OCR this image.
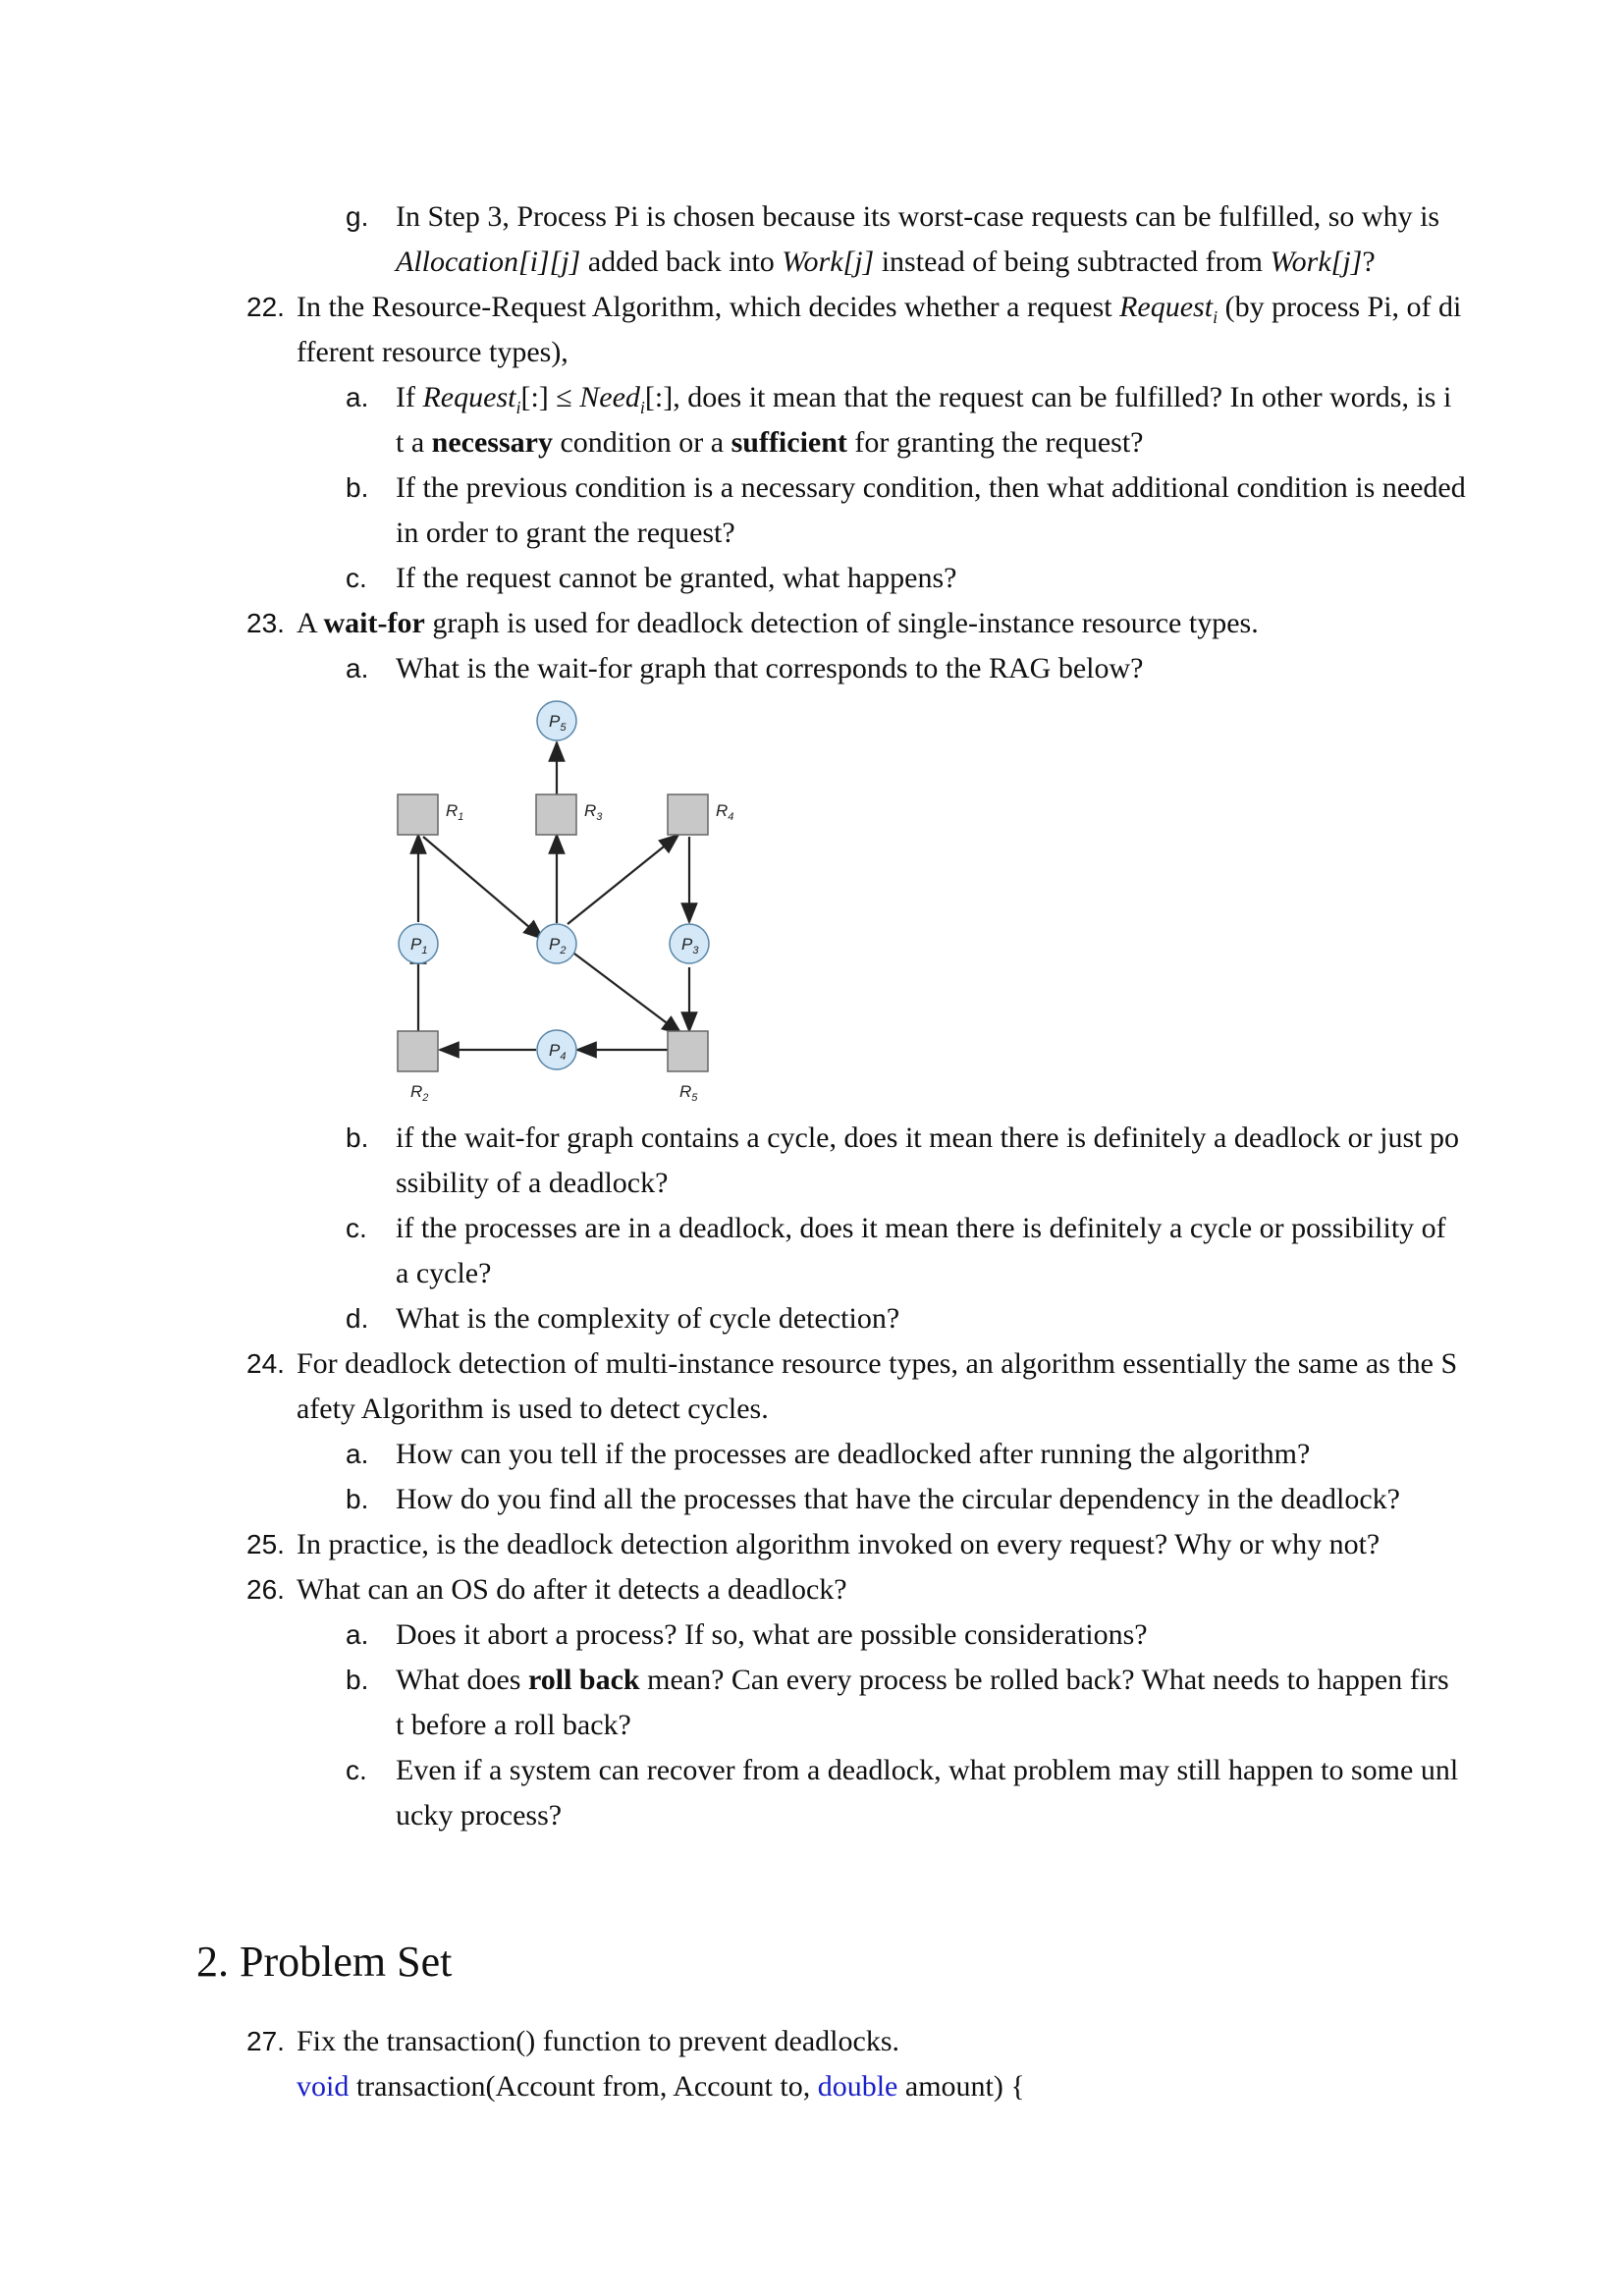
g. In Step 3, Process Pi is chosen because its worst-case requests can be fulfilled, so why is
Allocation[i][j] added back into Work[j] instead of being subtracted from Work[j]?
22. In the Resource-Request Algorithm, which decides whether a request Request$_i$ (by process Pi, of di
fferent resource types),
a. If Request$_i$[:] ≤ Need$_i$[:], does it mean that the request can be fulfilled? In other words, is i
t a necessary condition or a sufficient for granting the request?
b. If the previous condition is a necessary condition, then what additional condition is needed
in order to grant the request?
c. If the request cannot be granted, what happens?
23. A wait-for graph is used for deadlock detection of single-instance resource types.
a. What is the wait-for graph that corresponds to the RAG below?
$P_5$
$P_1$	$P_2$	$P_3$
$P_4$
$R_1$	$R_3$	$R_4$
$R_2$	$R_5$
b. if the wait-for graph contains a cycle, does it mean there is definitely a deadlock or just po
ssibility of a deadlock?
c. if the processes are in a deadlock, does it mean there is definitely a cycle or possibility of
a cycle?
d. What is the complexity of cycle detection?
24. For deadlock detection of multi-instance resource types, an algorithm essentially the same as the S
afety Algorithm is used to detect cycles.
a. How can you tell if the processes are deadlocked after running the algorithm?
b. How do you find all the processes that have the circular dependency in the deadlock?
25. In practice, is the deadlock detection algorithm invoked on every request? Why or why not?
26. What can an OS do after it detects a deadlock?
a. Does it abort a process? If so, what are possible considerations?
b. What does roll back mean? Can every process be rolled back? What needs to happen firs
t before a roll back?
c. Even if a system can recover from a deadlock, what problem may still happen to some unl
ucky process?
2. Problem Set
27. Fix the transaction() function to prevent deadlocks.
void transaction(Account from, Account to, double amount) {
